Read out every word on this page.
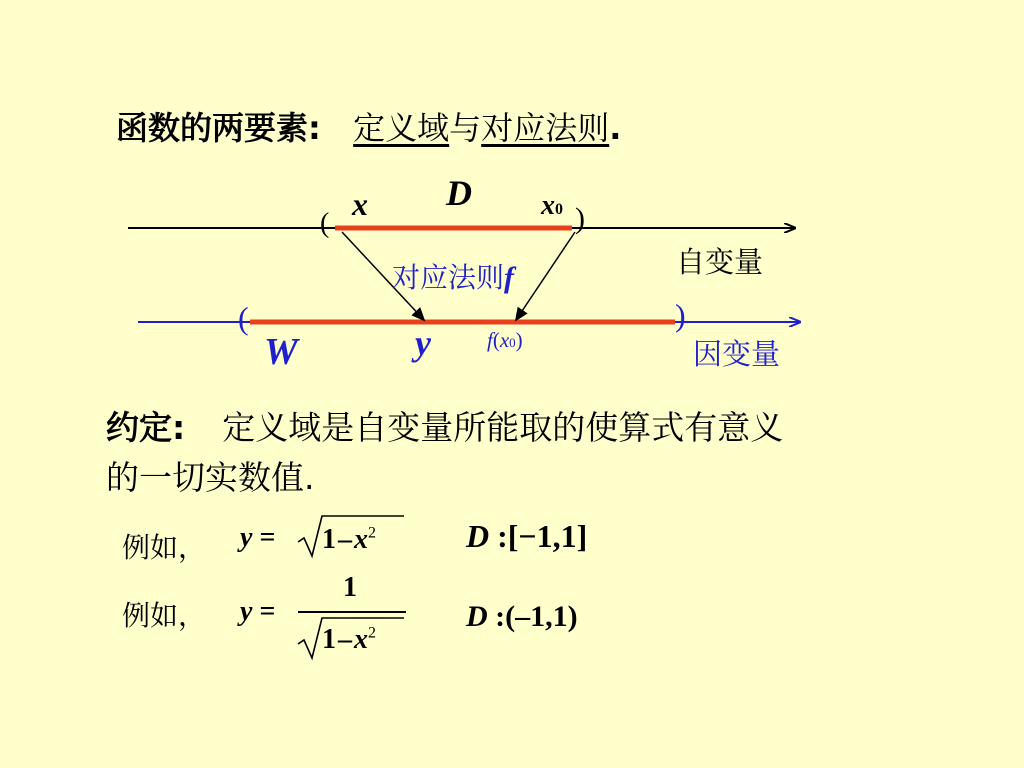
函数的两要素: 定义域与对应法则.
D
x	x0
(	)
自变量
对应法则f
(	)
W	y	f(x0)	因变量
约定: 定义域是自变量所能取的使算式有意义
的一切实数值.
例如， $y = 1-x^2$	D :[−1,1]
例如， y =
1
$1-x^2$
D :(–1,1)
